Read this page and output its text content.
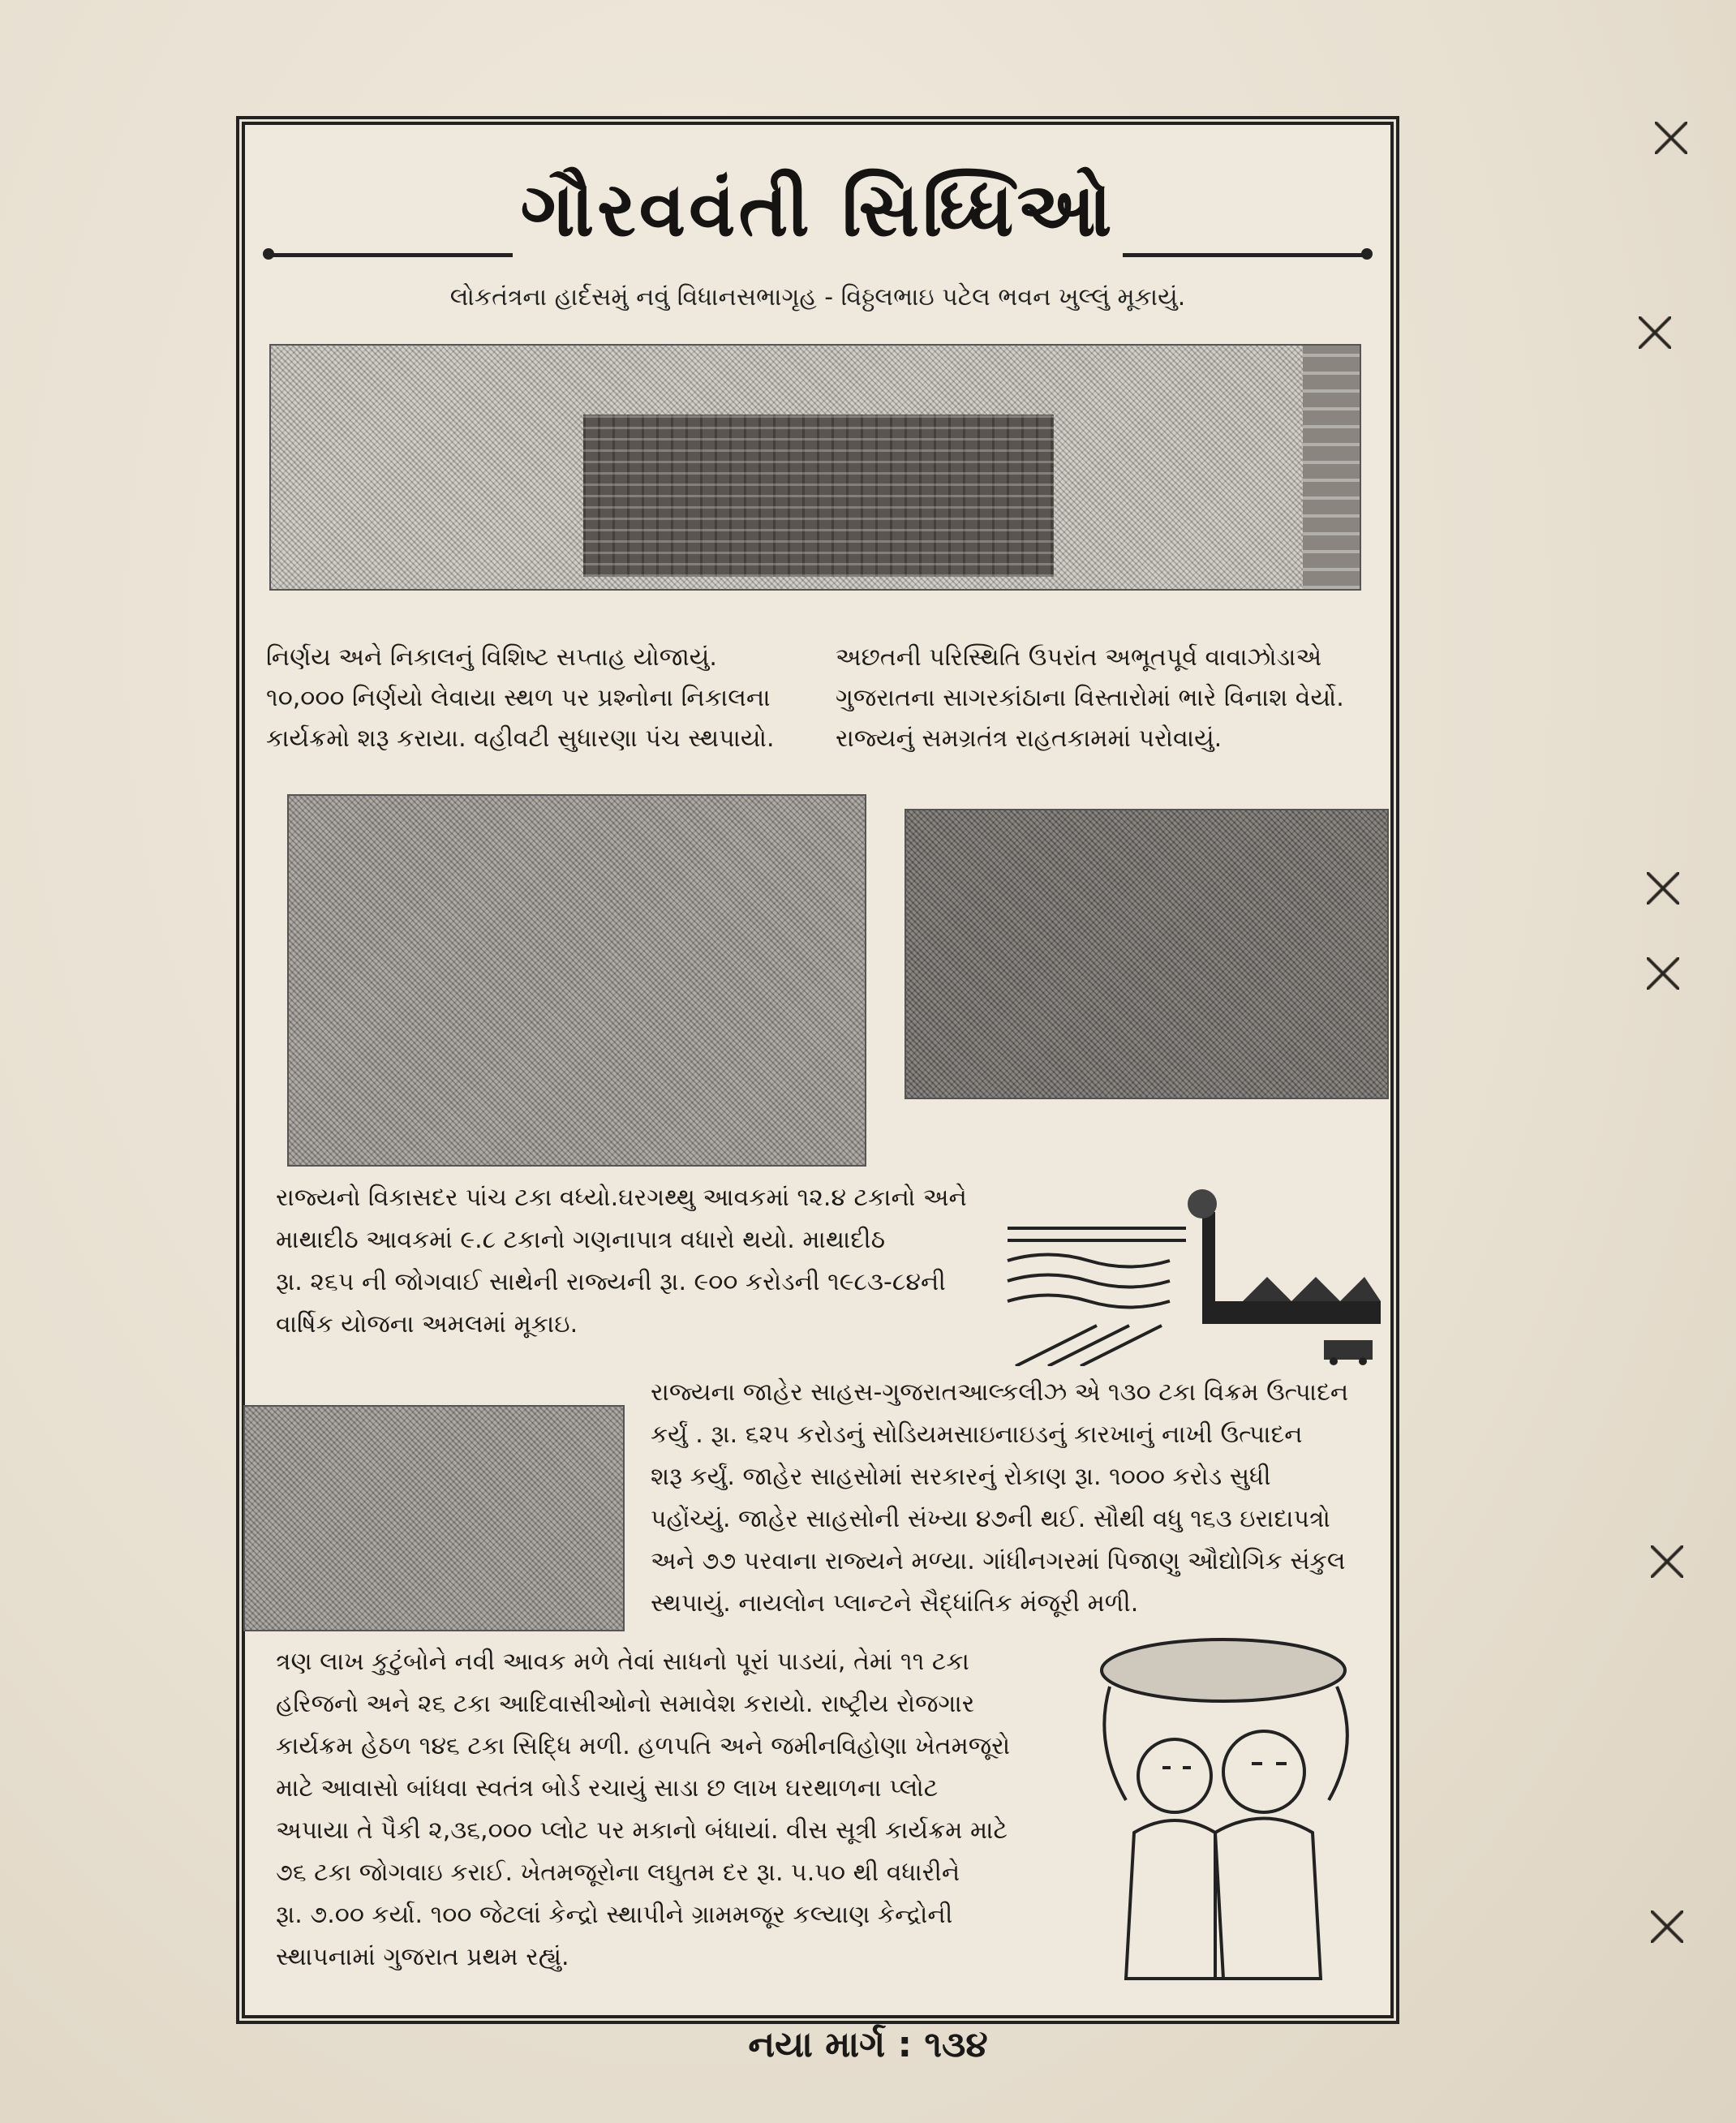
ગૌરવવંતી સિધ્ધિઓ
લોકતંત્રના હાર્દસમું નવું વિધાનસભાગૃહ - વિઠ્ઠલભાઇ પટેલ ભવન ખુલ્લું મૂકાયું.
નિર્ણય અને નિકાલનું વિશિષ્ટ સપ્તાહ યોજાયું.
૧૦,૦૦૦ નિર્ણયો લેવાયા સ્થળ પર પ્રશ્નોના નિકાલના
કાર્યક્રમો શરૂ કરાયા. વહીવટી સુધારણા પંચ સ્થપાયો.
અછતની પરિસ્થિતિ ઉપરાંત અભૂતપૂર્વ વાવાઝોડાએ
ગુજરાતના સાગરકાંઠાના વિસ્તારોમાં ભારે વિનાશ વેર્યો.
રાજ્યનું સમગ્રતંત્ર રાહતકામમાં પરોવાયું.
રાજ્યનો વિકાસદર પાંચ ટકા વધ્યો.ઘરગથ્થુ આવકમાં ૧૨.૪ ટકાનો અને
માથાદીઠ આવકમાં ૯.૮ ટકાનો ગણનાપાત્ર વધારો થયો. માથાદીઠ
રૂા. ૨૬૫ ની જોગવાઈ સાથેની રાજ્યની રૂા. ૯૦૦ કરોડની ૧૯૮૩-૮૪ની
વાર્ષિક યોજના અમલમાં મૂકાઇ.
રાજ્યના જાહેર સાહસ-ગુજરાતઆલ્કલીઝ એ ૧૩૦ ટકા વિક્રમ ઉત્પાદન
કર્યું . રૂા. ૬૨૫ કરોડનું સોડિયમસાઇનાઇડનું કારખાનું નાખી ઉત્પાદન
શરૂ કર્યું. જાહેર સાહસોમાં સરકારનું રોકાણ રૂા. ૧૦૦૦ કરોડ સુધી
પહોંચ્યું. જાહેર સાહસોની સંખ્યા ૪૭ની થઈ. સૌથી વધુ ૧૬૩ ઇરાદાપત્રો
અને ૭૭ પરવાના રાજ્યને મળ્યા. ગાંધીનગરમાં પિજાણુ ઔદ્યોગિક સંકુલ
સ્થપાયું. નાયલોન પ્લાન્ટને સૈદ્ધાંતિક મંજૂરી મળી.
ત્રણ લાખ કુટુંબોને નવી આવક મળે તેવાં સાધનો પૂરાં પાડયાં, તેમાં ૧૧ ટકા
હરિજનો અને ૨૬ ટકા આદિવાસીઓનો સમાવેશ કરાયો. રાષ્ટ્રીય રોજગાર
કાર્યક્રમ હેઠળ ૧૪૬ ટકા સિદ્ધિ મળી. હળપતિ અને જમીનવિહોણા ખેતમજૂરો
માટે આવાસો બાંધવા સ્વતંત્ર બોર્ડ રચાયું સાડા છ લાખ ઘરથાળના પ્લોટ
અપાયા તે પૈકી ૨,૩૬,૦૦૦ પ્લોટ પર મકાનો બંધાયાં. વીસ સૂત્રી કાર્યક્રમ માટે
૭૬ ટકા જોગવાઇ કરાઈ. ખેતમજૂરોના લઘુતમ દર રૂા. ૫.૫૦ થી વધારીને
રૂા. ૭.૦૦ કર્યા. ૧૦૦ જેટલાં કેન્દ્રો સ્થાપીને ગ્રામમજૂર કલ્યાણ કેન્દ્રોની
સ્થાપનામાં ગુજરાત પ્રથમ રહ્યું.
નયા માર્ગ : ૧૩૪
